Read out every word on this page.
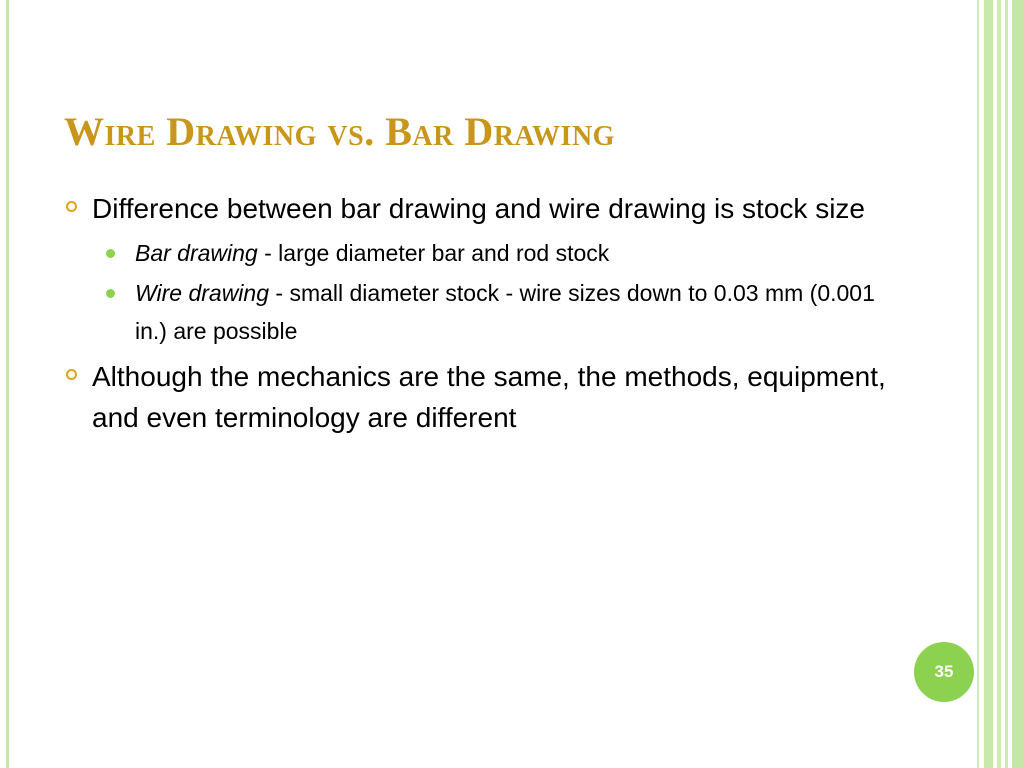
Wire Drawing vs. Bar Drawing
Difference between bar drawing and wire drawing is stock size
Bar drawing - large diameter bar and rod stock
Wire drawing - small diameter stock - wire sizes down to 0.03 mm (0.001 in.) are possible
Although the mechanics are the same, the methods, equipment, and even terminology are different
35
